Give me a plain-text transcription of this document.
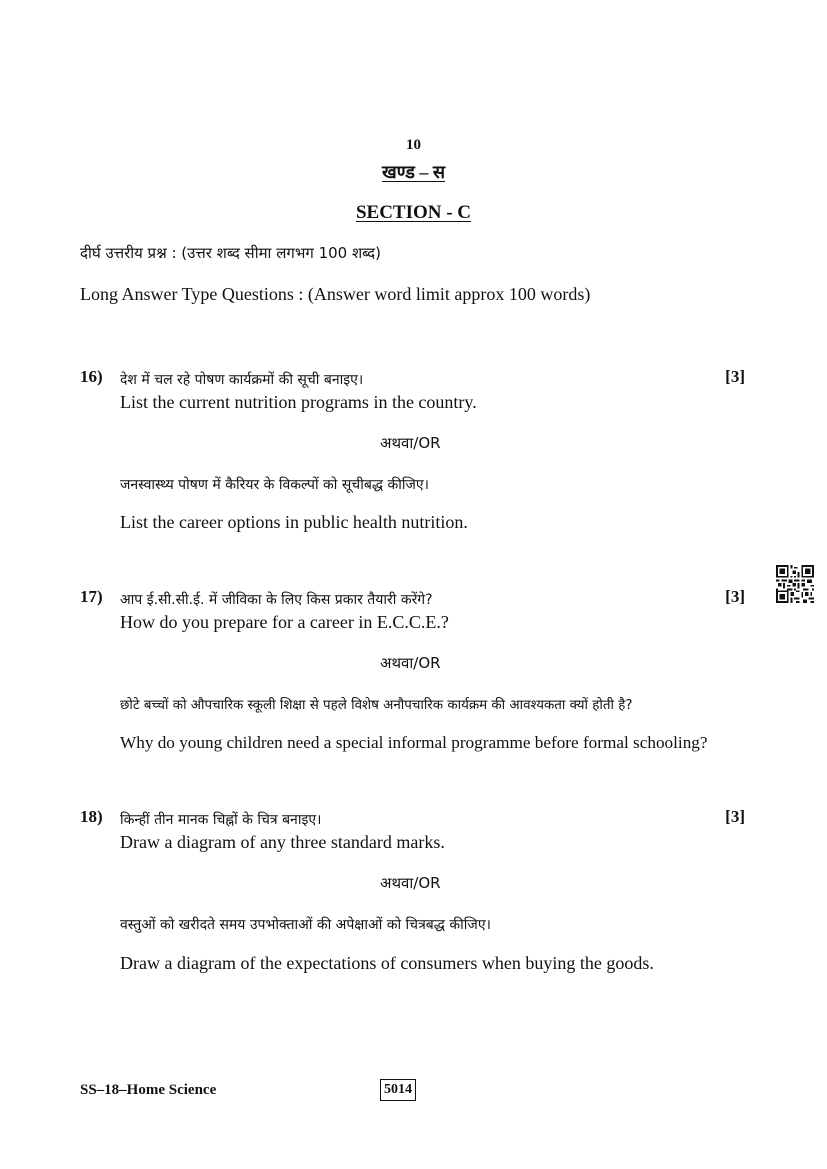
10
खण्ड – स
SECTION - C
दीर्घ उत्तरीय प्रश्न : (उत्तर शब्द सीमा लगभग 100 शब्द)
Long Answer Type Questions : (Answer word limit approx 100 words)
16) देश में चल रहे पोषण कार्यक्रमों की सूची बनाइए।	[3]
List the current nutrition programs in the country.
अथवा/OR
जनस्वास्थ्य पोषण में कैरियर के विकल्पों को सूचीबद्ध कीजिए।
List the career options in public health nutrition.
17) आप ई.सी.सी.ई. में जीविका के लिए किस प्रकार तैयारी करेंगे?	[3]
How do you prepare for a career in E.C.C.E.?
अथवा/OR
छोटे बच्चों को औपचारिक स्कूली शिक्षा से पहले विशेष अनौपचारिक कार्यक्रम की आवश्यकता क्यों होती है?
Why do young children need a special informal programme before formal schooling?
18) किन्हीं तीन मानक चिह्नों के चित्र बनाइए।	[3]
Draw a diagram of any three standard marks.
अथवा/OR
वस्तुओं को खरीदते समय उपभोक्ताओं की अपेक्षाओं को चित्रबद्ध कीजिए।
Draw a diagram of the expectations of consumers when buying the goods.
SS–18–Home Science	5014
